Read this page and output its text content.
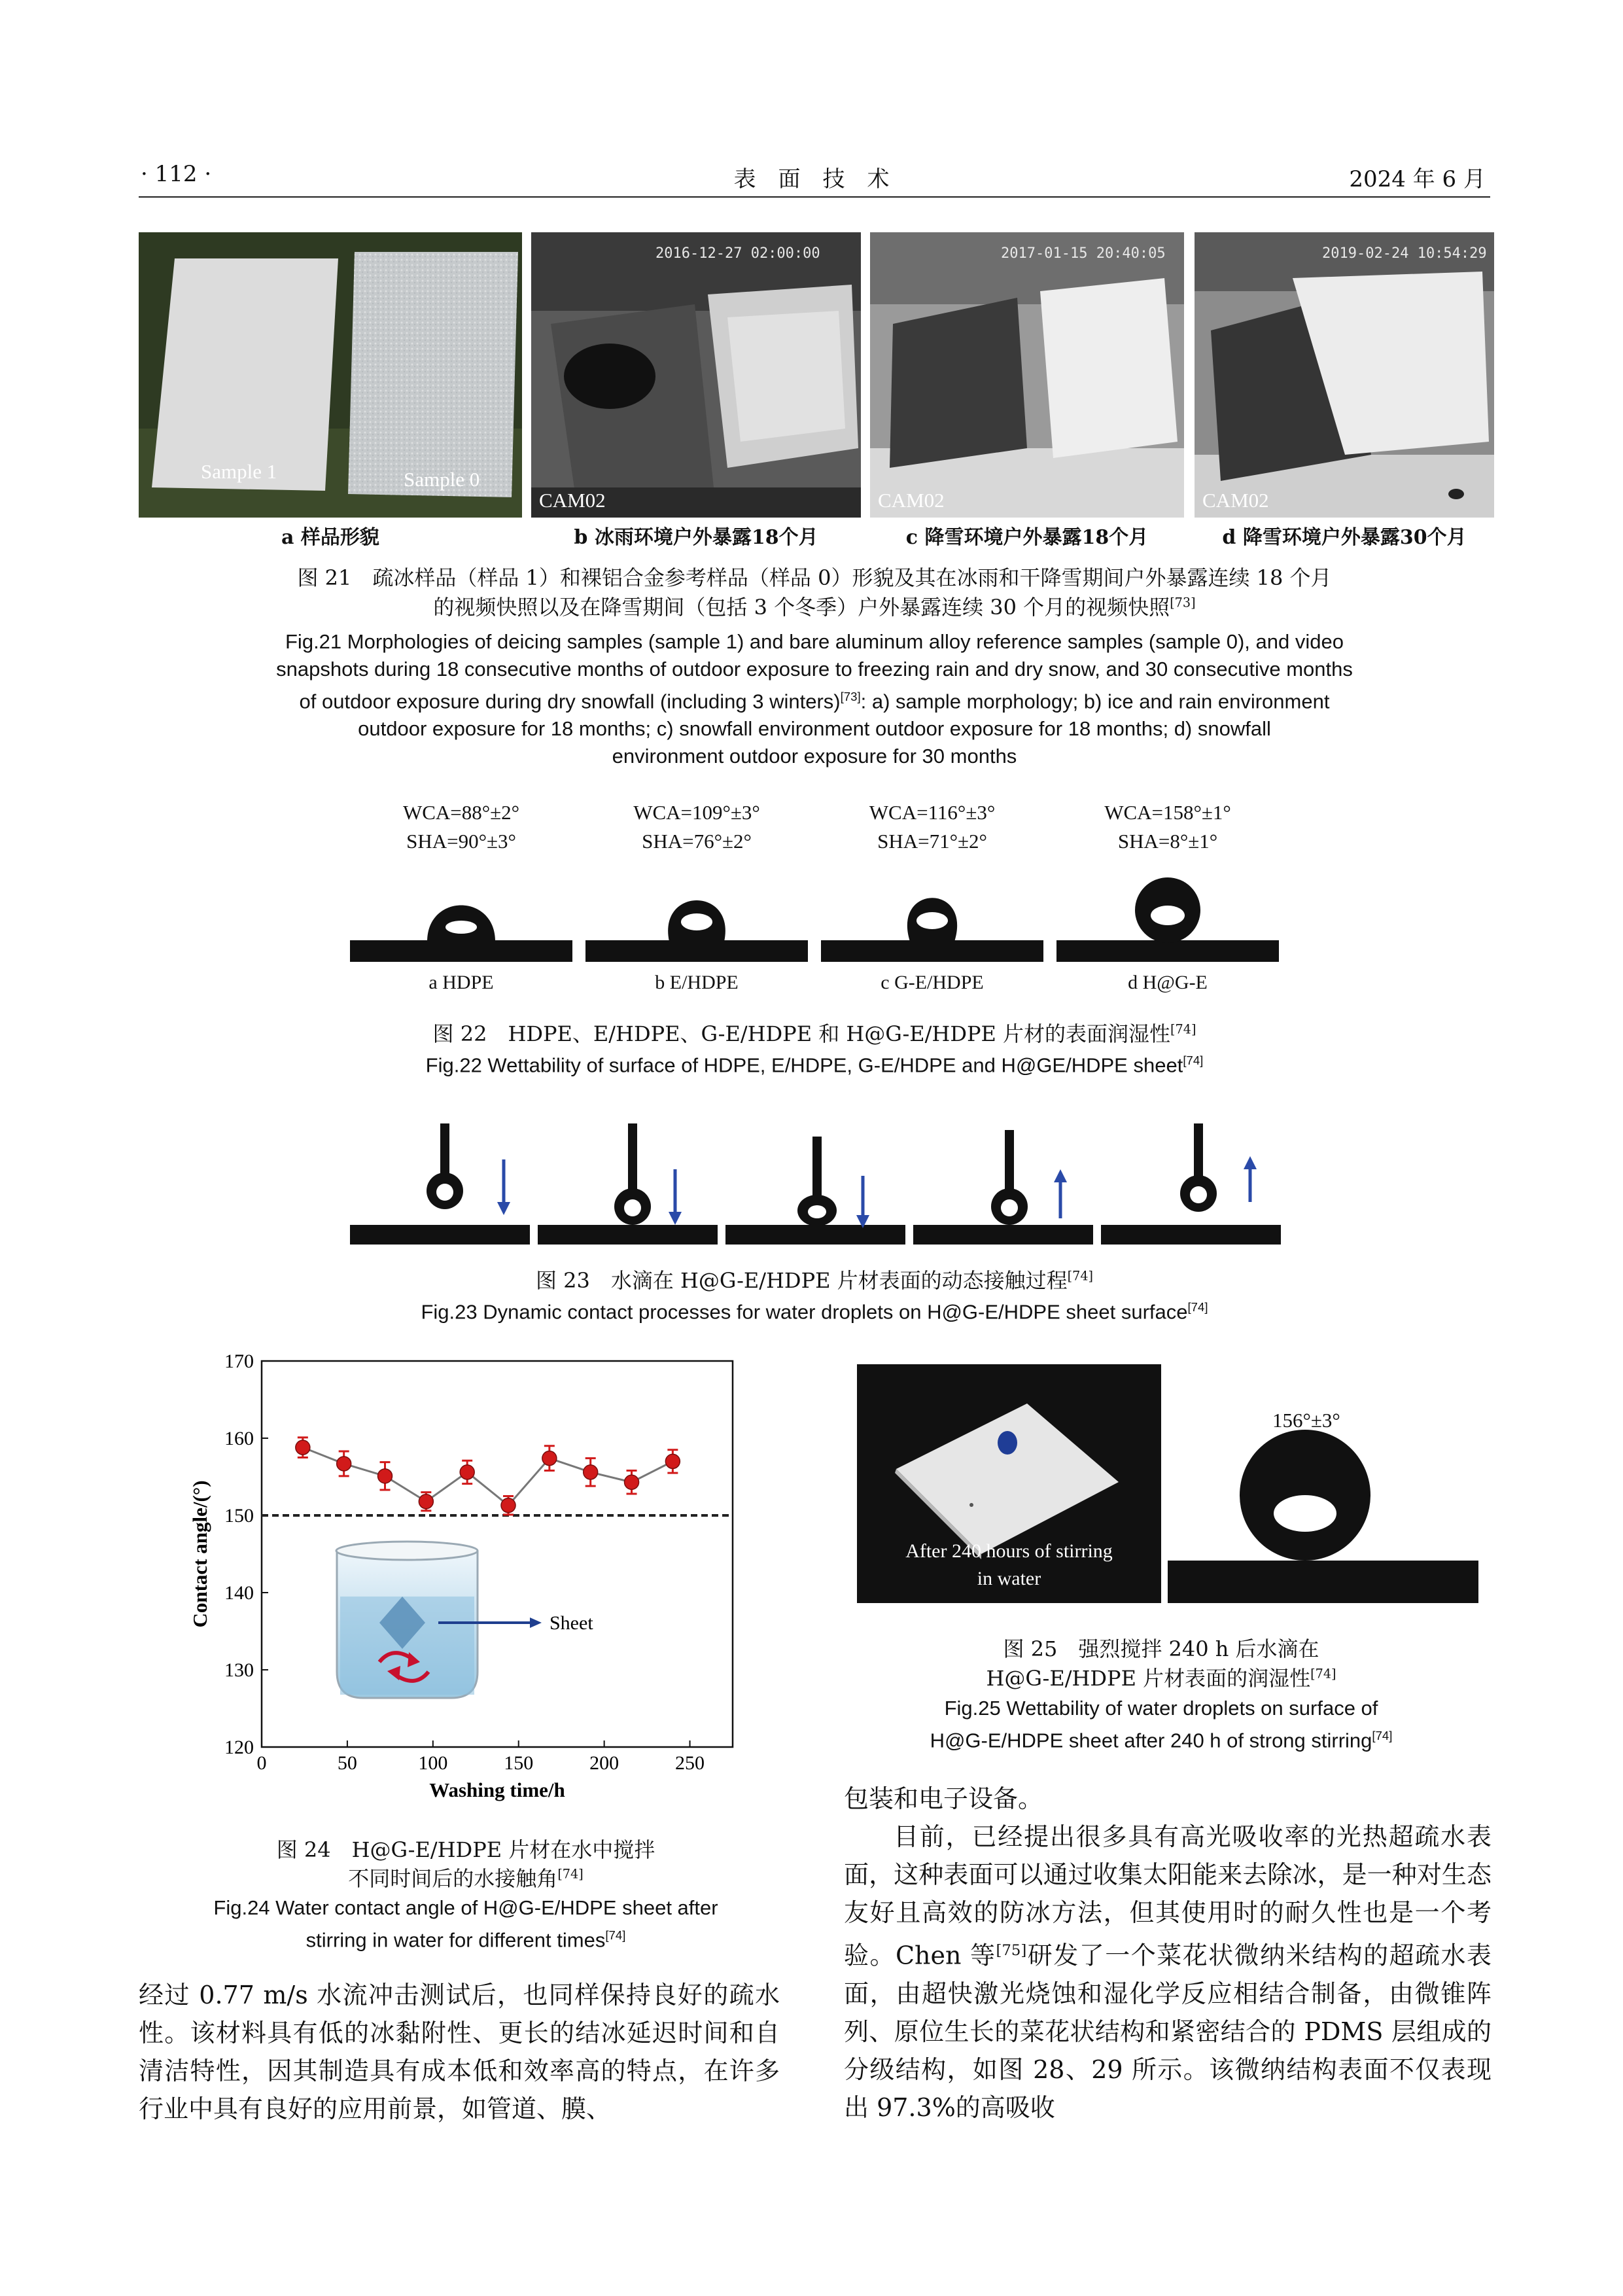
· 112 ·	表　面　技　术	2024 年 6 月
Sample 1	Sample 0
2016-12-27 02:00:00
CAM02
2017-01-15 20:40:05
CAM02
2019-02-24 10:54:29
CAM02
a 样品形貌	b 冰雨环境户外暴露18个月	c 降雪环境户外暴露18个月	d 降雪环境户外暴露30个月
图 21　疏冰样品（样品 1）和裸铝合金参考样品（样品 0）形貌及其在冰雨和干降雪期间户外暴露连续 18 个月
的视频快照以及在降雪期间（包括 3 个冬季）户外暴露连续 30 个月的视频快照[73]
Fig.21 Morphologies of deicing samples (sample 1) and bare aluminum alloy reference samples (sample 0), and video
snapshots during 18 consecutive months of outdoor exposure to freezing rain and dry snow, and 30 consecutive months
of outdoor exposure during dry snowfall (including 3 winters)[73]: a) sample morphology; b) ice and rain environment
outdoor exposure for 18 months; c) snowfall environment outdoor exposure for 18 months; d) snowfall
environment outdoor exposure for 30 months
WCA=88°±2°
SHA=90°±3°
WCA=109°±3°
SHA=76°±2°
WCA=116°±3°
SHA=71°±2°
WCA=158°±1°
SHA=8°±1°
a HDPE	b E/HDPE	c G-E/HDPE	d H@G-E
图 22　HDPE、E/HDPE、G-E/HDPE 和 H@G-E/HDPE 片材的表面润湿性[74]
Fig.22 Wettability of surface of HDPE, E/HDPE, G-E/HDPE and H@GE/HDPE sheet[74]
图 23　水滴在 H@G-E/HDPE 片材表面的动态接触过程[74]
Fig.23 Dynamic contact processes for water droplets on H@G-E/HDPE sheet surface[74]
Sheet
0	50	100	150	200	250
120
130
140
150
160
170
Washing time/h
Contact angle/(°)
图 24　H@G-E/HDPE 片材在水中搅拌
不同时间后的水接触角[74]
Fig.24 Water contact angle of H@G-E/HDPE sheet after
stirring in water for different times[74]
After 240 hours of stirring
in water
156°±3°
图 25　强烈搅拌 240 h 后水滴在
H@G-E/HDPE 片材表面的润湿性[74]
Fig.25 Wettability of water droplets on surface of
H@G-E/HDPE sheet after 240 h of strong stirring[74]
经过 0.77 m/s 水流冲击测试后，也同样保持良好的疏水性。该材料具有低的冰黏附性、更长的结冰延迟时间和自清洁特性，因其制造具有成本低和效率高的特点，在许多行业中具有良好的应用前景，如管道、膜、
包装和电子设备。
目前，已经提出很多具有高光吸收率的光热超疏水表面，这种表面可以通过收集太阳能来去除冰，是一种对生态友好且高效的防冰方法，但其使用时的耐久性也是一个考验。Chen 等[75]研发了一个菜花状微纳米结构的超疏水表面，由超快激光烧蚀和湿化学反应相结合制备，由微锥阵列、原位生长的菜花状结构和紧密结合的 PDMS 层组成的分级结构，如图 28、29 所示。该微纳结构表面不仅表现出 97.3%的高吸收
